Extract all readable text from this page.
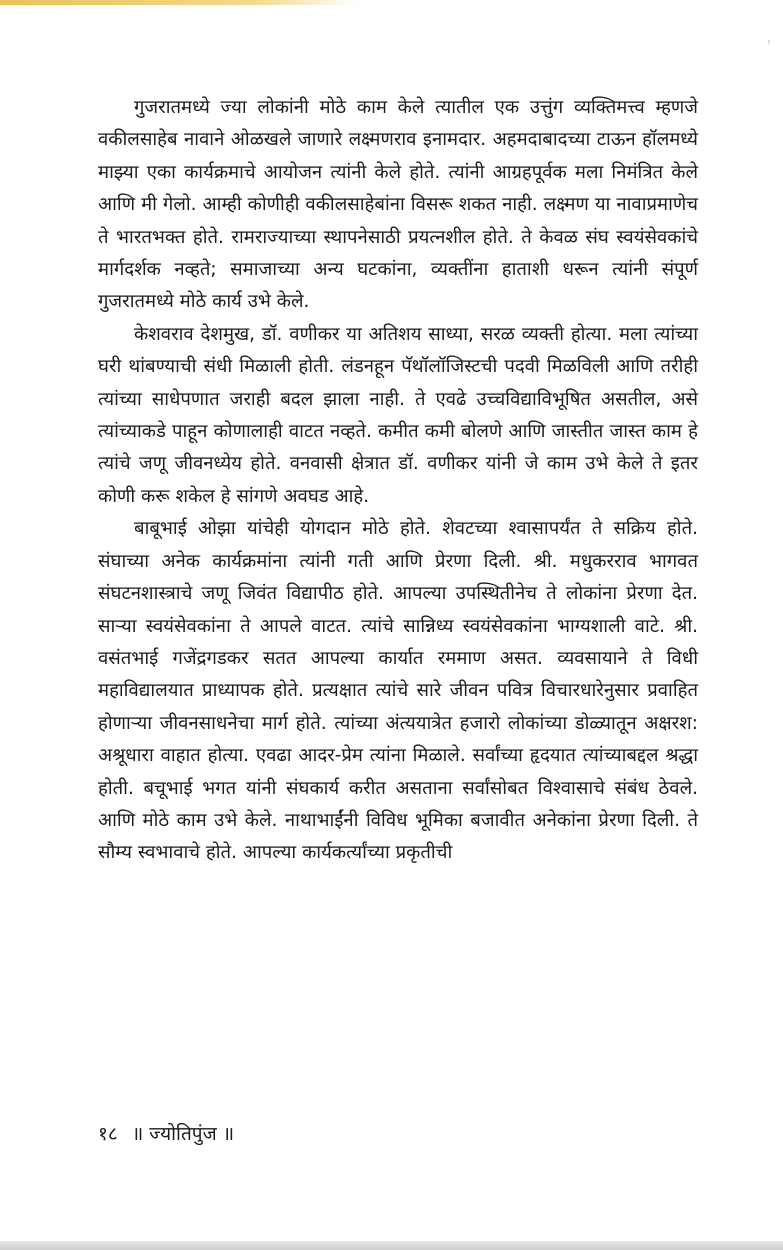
ᶠ

गुजरातमध्ये ज्या लोकांनी मोठे काम केले त्यातील एक उत्तुंग व्यक्तिमत्त्व म्हणजे वकीलसाहेब नावाने ओळखले जाणारे लक्ष्मणराव इनामदार. अहमदाबादच्या टाऊन हॉलमध्ये माझ्या एका कार्यक्रमाचे आयोजन त्यांनी केले होते. त्यांनी आग्रहपूर्वक मला निमंत्रित केले आणि मी गेलो. आम्ही कोणीही वकीलसाहेबांना विसरू शकत नाही. लक्ष्मण या नावाप्रमाणेच ते भारतभक्त होते. रामराज्याच्या स्थापनेसाठी प्रयत्नशील होते. ते केवळ संघ स्वयंसेवकांचे मार्गदर्शक नव्हते; समाजाच्या अन्य घटकांना, व्यक्तींना हाताशी धरून त्यांनी संपूर्ण गुजरातमध्ये मोठे कार्य उभे केले.

केशवराव देशमुख, डॉ. वणीकर या अतिशय साध्या, सरळ व्यक्ती होत्या. मला त्यांच्या घरी थांबण्याची संधी मिळाली होती. लंडनहून पॅथॉलॉजिस्टची पदवी मिळविली आणि तरीही त्यांच्या साधेपणात जराही बदल झाला नाही. ते एवढे उच्चविद्याविभूषित असतील, असे त्यांच्याकडे पाहून कोणालाही वाटत नव्हते. कमीत कमी बोलणे आणि जास्तीत जास्त काम हे त्यांचे जणू जीवनध्येय होते. वनवासी क्षेत्रात डॉ. वणीकर यांनी जे काम उभे केले ते इतर कोणी करू शकेल हे सांगणे अवघड आहे.

बाबूभाई ओझा यांचेही योगदान मोठे होते. शेवटच्या श्वासापर्यंत ते सक्रिय होते. संघाच्या अनेक कार्यक्रमांना त्यांनी गती आणि प्रेरणा दिली. श्री. मधुकरराव भागवत संघटनशास्त्राचे जणू जिवंत विद्यापीठ होते. आपल्या उपस्थितीनेच ते लोकांना प्रेरणा देत. साऱ्या स्वयंसेवकांना ते आपले वाटत. त्यांचे सान्निध्य स्वयंसेवकांना भाग्यशाली वाटे. श्री. वसंतभाई गजेंद्रगडकर सतत आपल्या कार्यात रममाण असत. व्यवसायाने ते विधी महाविद्यालयात प्राध्यापक होते. प्रत्यक्षात त्यांचे सारे जीवन पवित्र विचारधारेनुसार प्रवाहित होणाऱ्या जीवनसाधनेचा मार्ग होते. त्यांच्या अंत्ययात्रेत हजारो लोकांच्या डोळ्यातून अक्षरश: अश्रूधारा वाहात होत्या. एवढा आदर-प्रेम त्यांना मिळाले. सर्वांच्या हृदयात त्यांच्याबद्दल श्रद्धा होती. बचूभाई भगत यांनी संघकार्य करीत असताना सर्वांसोबत विश्वासाचे संबंध ठेवले. आणि मोठे काम उभे केले. नाथाभाईंनी विविध भूमिका बजावीत अनेकांना प्रेरणा दिली. ते सौम्य स्वभावाचे होते. आपल्या कार्यकर्त्यांच्या प्रकृतीची

१८ ॥ ज्योतिपुंज ॥
